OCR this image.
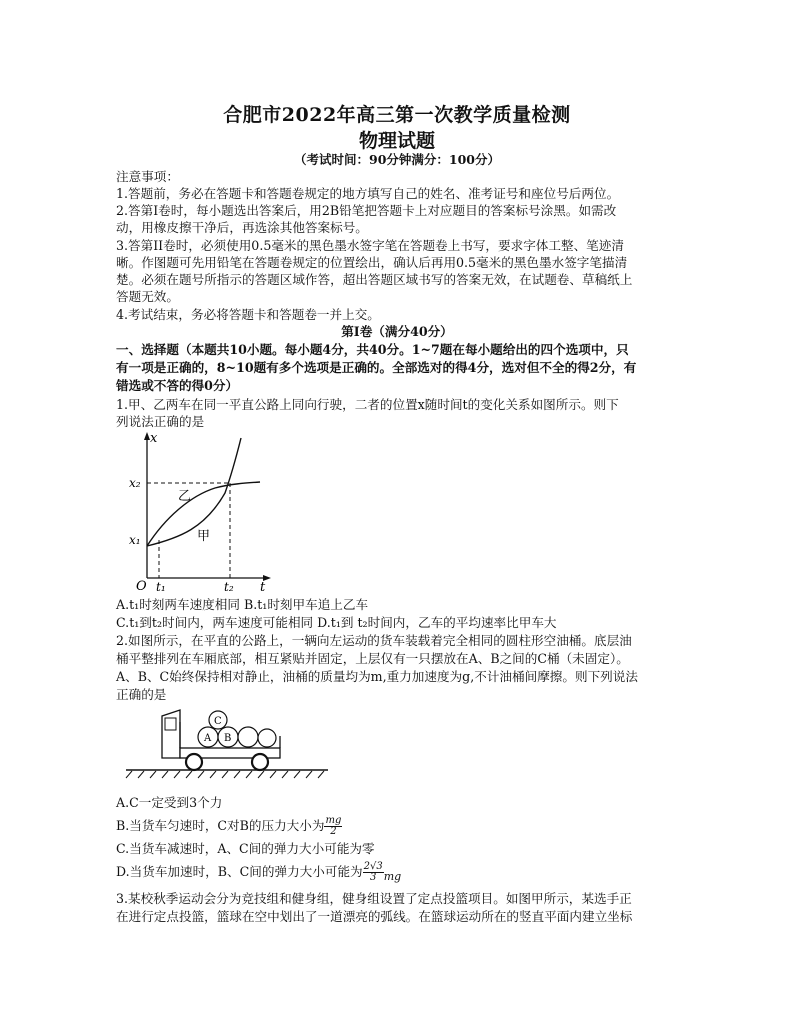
合肥市2022年高三第一次教学质量检测
物理试题
（考试时间：90分钟满分：100分）
注意事项：
1.答题前，务必在答题卡和答题卷规定的地方填写自己的姓名、准考证号和座位号后两位。
2.答第I卷时，每小题选出答案后，用2B铅笔把答题卡上对应题目的答案标号涂黑。如需改
动，用橡皮擦干净后，再选涂其他答案标号。
3.答第II卷时，必须使用0.5毫米的黑色墨水签字笔在答题卷上书写，要求字体工整、笔迹清
晰。作图题可先用铅笔在答题卷规定的位置绘出，确认后再用0.5毫米的黑色墨水签字笔描清
楚。必须在题号所指示的答题区域作答，超出答题区域书写的答案无效，在试题卷、草稿纸上
答题无效。
4.考试结束，务必将答题卡和答题卷一并上交。
第I卷（满分40分）
一、选择题（本题共10小题。每小题4分，共40分。1~7题在每小题给出的四个选项中，只
有一项是正确的，8~10题有多个选项是正确的。全部选对的得4分，选对但不全的得2分，有
错选或不答的得0分）
1.甲、乙两车在同一平直公路上同向行驶，二者的位置x随时间t的变化关系如图所示。则下
列说法正确的是
x
t
O t₁	t₂
x₂
x₁
乙
甲
A.t₁时刻两车速度相同 B.t₁时刻甲车追上乙车
C.t₁到t₂时间内，两车速度可能相同 D.t₁到 t₂时间内，乙车的平均速率比甲车大
2.如图所示，在平直的公路上，一辆向左运动的货车装载着完全相同的圆柱形空油桶。底层油
桶平整排列在车厢底部，相互紧贴并固定，上层仅有一只摆放在A、B之间的C桶（未固定）。
A、B、C始终保持相对静止，油桶的质量均为m,重力加速度为g,不计油桶间摩擦。则下列说法
正确的是
A B
C
A.C一定受到3个力
B.当货车匀速时，C对B的压力大小为 $\frac{mg}{2}$
C.当货车减速时，A、C间的弹力大小可能为零
D.当货车加速时，B、C间的弹力大小可能为 $\frac{2√3}{3}$ mg
3.某校秋季运动会分为竞技组和健身组，健身组设置了定点投篮项目。如图甲所示，某选手正
在进行定点投篮，篮球在空中划出了一道漂亮的弧线。在篮球运动所在的竖直平面内建立坐标
